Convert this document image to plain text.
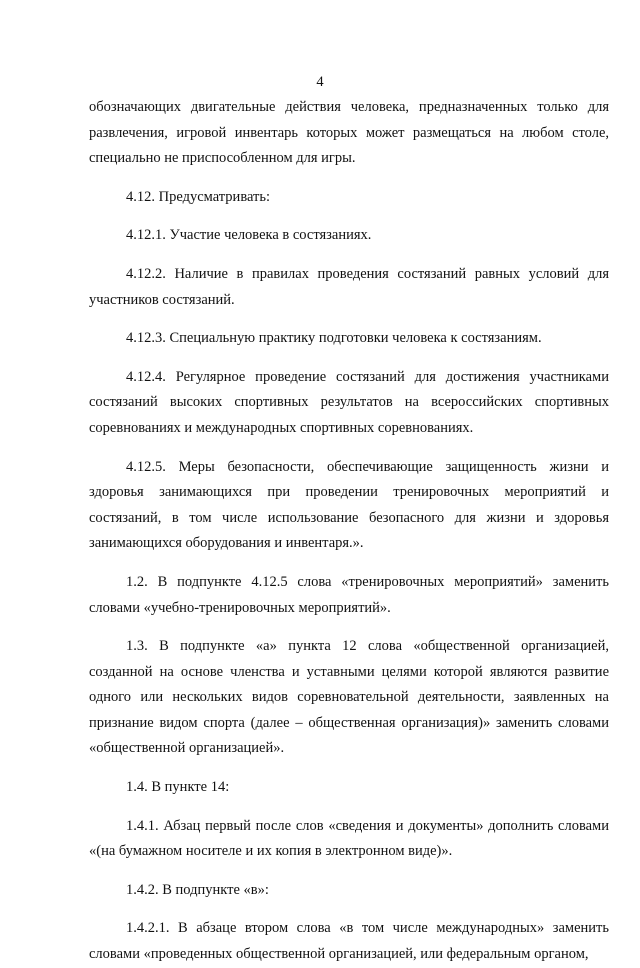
4

обозначающих двигательные действия человека, предназначенных только для развлечения, игровой инвентарь которых может размещаться на любом столе, специально не приспособленном для игры.

4.12. Предусматривать:

4.12.1. Участие человека в состязаниях.

4.12.2. Наличие в правилах проведения состязаний равных условий для участников состязаний.

4.12.3. Специальную практику подготовки человека к состязаниям.

4.12.4. Регулярное проведение состязаний для достижения участниками состязаний высоких спортивных результатов на всероссийских спортивных соревнованиях и международных спортивных соревнованиях.

4.12.5. Меры безопасности, обеспечивающие защищенность жизни и здоровья занимающихся при проведении тренировочных мероприятий и состязаний, в том числе использование безопасного для жизни и здоровья занимающихся оборудования и инвентаря.».

1.2. В подпункте 4.12.5 слова «тренировочных мероприятий» заменить словами «учебно-тренировочных мероприятий».

1.3. В подпункте «а» пункта 12 слова «общественной организацией, созданной на основе членства и уставными целями которой являются развитие одного или нескольких видов соревновательной деятельности, заявленных на признание видом спорта (далее – общественная организация)» заменить словами «общественной организацией».

1.4. В пункте 14:

1.4.1. Абзац первый после слов «сведения и документы» дополнить словами «(на бумажном носителе и их копия в электронном виде)».

1.4.2. В подпункте «в»:

1.4.2.1. В абзаце втором слова «в том числе международных» заменить словами «проведенных общественной организацией, или федеральным органом,
